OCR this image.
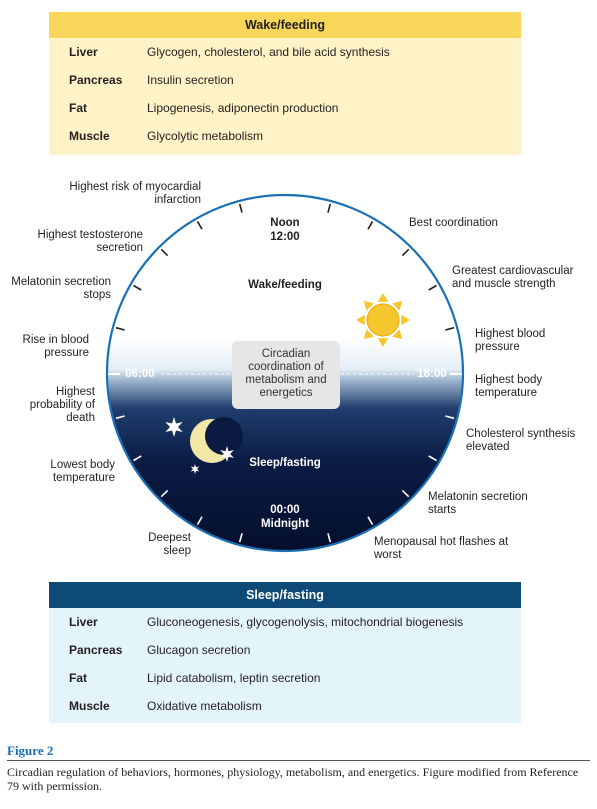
Wake/feeding
Liver	Glycogen, cholesterol, and bile acid synthesis
Pancreas Insulin secretion
Fat	Lipogenesis, adiponectin production
Muscle	Glycolytic metabolism
Noon
12:00
Wake/feeding
Sleep/fasting
00:00
Midnight
06:00	18:00
Circadian coordination of metabolism and energetics
Highest risk of myocardial infarction
Highest testosterone secretion
Melatonin secretion stops
Rise in blood pressure
Highest probability of death
Lowest body temperature
Deepest sleep
Best coordination
Greatest cardiovascular and muscle strength
Highest blood pressure
Highest body temperature
Cholesterol synthesis elevated
Melatonin secretion starts
Menopausal hot flashes at worst
Sleep/fasting
Liver	Gluconeogenesis, glycogenolysis, mitochondrial biogenesis
Pancreas Glucagon secretion
Fat	Lipid catabolism, leptin secretion
Muscle	Oxidative metabolism
Figure 2
Circadian regulation of behaviors, hormones, physiology, metabolism, and energetics. Figure modified from Reference 79 with permission.
